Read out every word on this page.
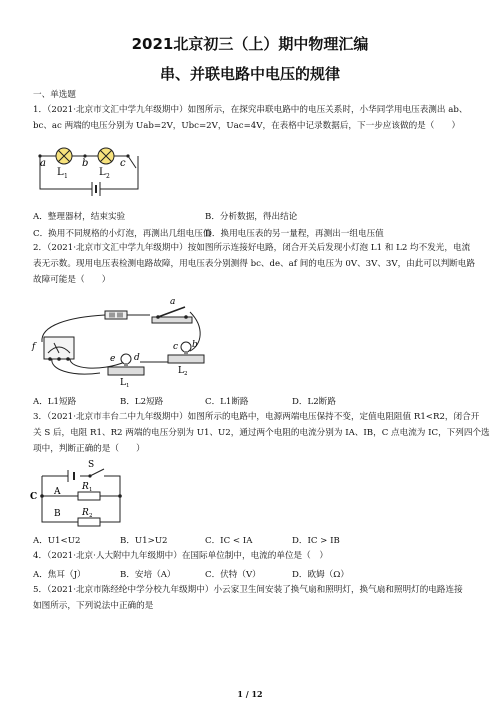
2021北京初三（上）期中物理汇编
串、并联电路中电压的规律
一、单选题
1．（2021·北京市文汇中学九年级期中）如图所示，在探究串联电路中的电压关系时，小华同学用电压表测出 ab、
bc、ac 两端的电压分别为 Uab=2V，Ubc=2V，Uac=4V，在表格中记录数据后，下一步应该做的是（　　）
a	b	c
L 1	L 2
A．整理器材，结束实验	B．分析数据，得出结论
C．换用不同规格的小灯泡，再测出几组电压值
D．换用电压表的另一量程，再测出一组电压值
2．（2021·北京市文汇中学九年级期中）按如图所示连接好电路，闭合开关后发现小灯泡 L1 和 L2 均不发光，电流
表无示数。现用电压表检测电路故障，用电压表分别测得 bc、de、af 间的电压为 0V、3V、3V，由此可以判断电路
故障可能是（　　）
a
b
c
d
e
f
L 1
L 2
A．L1短路	B．L2短路	C．L1断路	D．L2断路
3．（2021·北京市丰台二中九年级期中）如图所示的电路中，电源两端电压保持不变，定值电阻阻值 R1<R2，闭合开
关 S 后，电阻 R1、R2 两端的电压分别为 U1、U2，通过两个电阻的电流分别为 IA、IB，C 点电流为 IC，下列四个选
项中，判断正确的是（　　）
S
C A
B
R 1
R 2
A．U1<U2	B．U1>U2	C．IC < IA	D．IC > IB
4．（2021·北京·人大附中九年级期中）在国际单位制中，电流的单位是（　）
A．焦耳（J）	B．安培（A）	C．伏特（V）	D．欧姆（Ω）
5．（2021·北京市陈经纶中学分校九年级期中）小云家卫生间安装了换气扇和照明灯，换气扇和照明灯的电路连接
如图所示，下列说法中正确的是
1 / 12
